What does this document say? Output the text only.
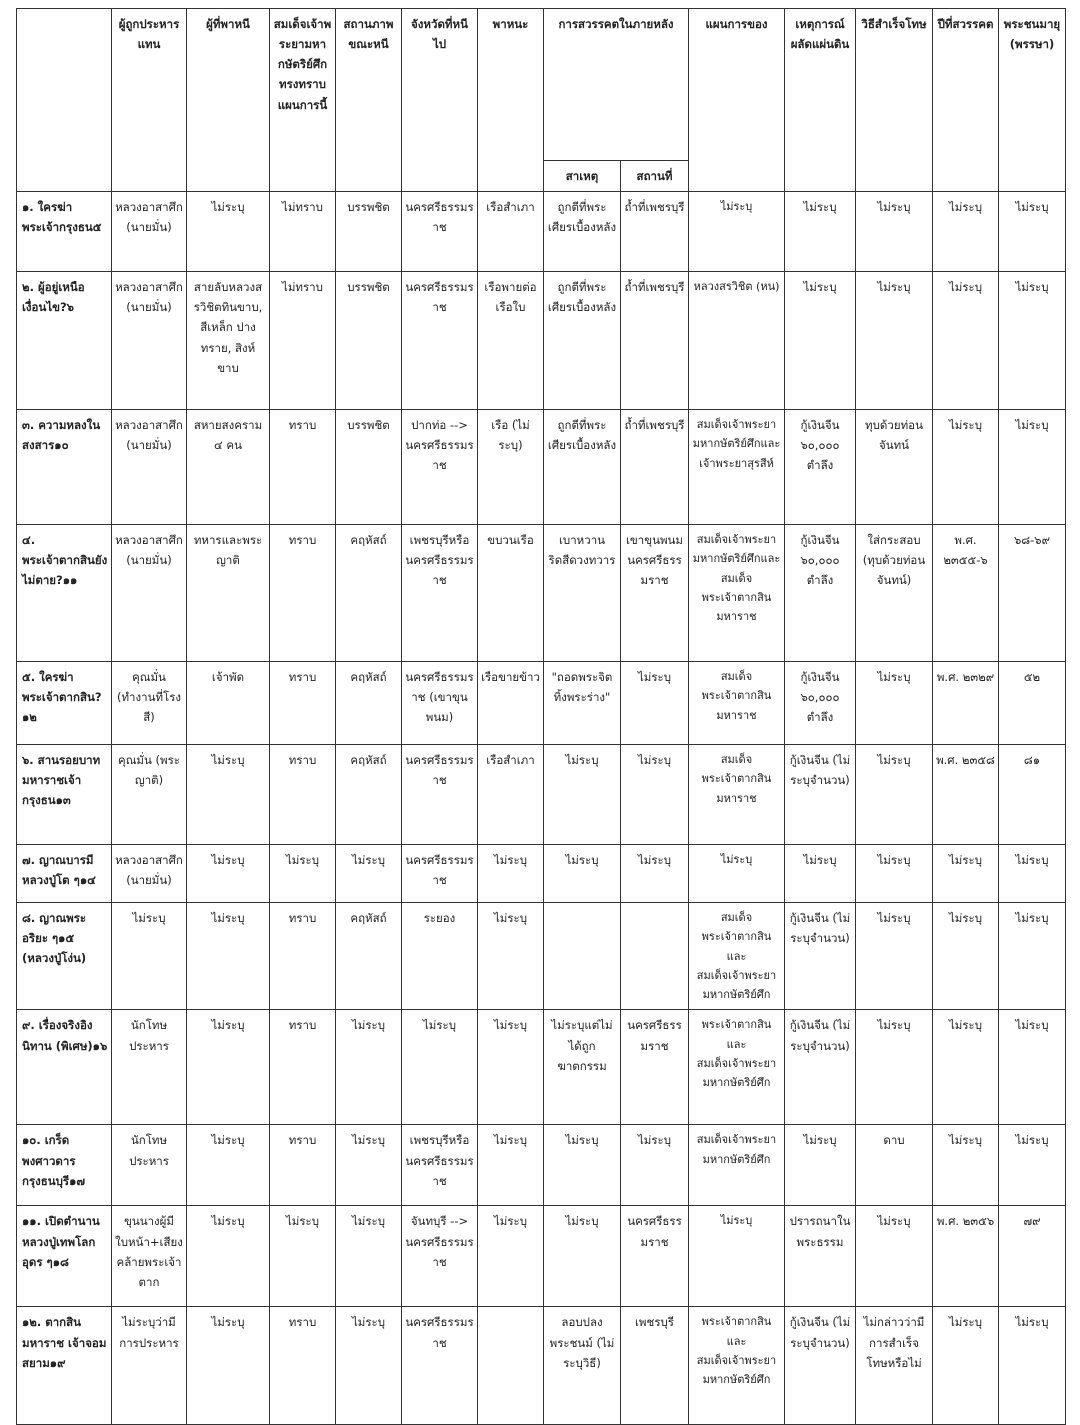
	ผู้ถูกประหารแทน	ผู้ที่พาหนี	สมเด็จเจ้าพระยามหากษัตริย์ศึกทรงทราบแผนการนี้	สถานภาพขณะหนี	จังหวัดที่หนีไป	พาหนะ	การสวรรคตในภายหลัง		แผนการของ	เหตุการณ์ผลัดแผ่นดิน	วิธีสำเร็จโทษ	ปีที่สวรรคต	พระชนมายุ (พรรษา)
							สาเหตุ	สถานที่					
๑. ใครฆ่าพระเจ้ากรุงธน๕	หลวงอาสาศึก (นายมั่น)	ไม่ระบุ	ไม่ทราบ	บรรพชิต	นครศรีธรรมราช	เรือสำเภา	ถูกตีที่พระเศียรเบื้องหลัง	ถ้ำที่เพชรบุรี	ไม่ระบุ	ไม่ระบุ	ไม่ระบุ	ไม่ระบุ	ไม่ระบุ
๒. ผู้อยู่เหนือเงื่อนไข?๖	หลวงอาสาศึก (นายมั่น)	สายลับหลวงสรวิชิตทินขาบ, สีเหล็ก ปางทราย, สิงห์ขาบ	ไม่ทราบ	บรรพชิต	นครศรีธรรมราช	เรือพายต่อเรือใบ	ถูกตีที่พระเศียรเบื้องหลัง	ถ้ำที่เพชรบุรี	หลวงสรวิชิต (หน)	ไม่ระบุ	ไม่ระบุ	ไม่ระบุ	ไม่ระบุ
๓. ความหลงในสงสาร๑๐	หลวงอาสาศึก (นายมั่น)	สหายสงคราม ๔ คน	ทราบ	บรรพชิต	ปากท่อ --> นครศรีธรรมราช	เรือ (ไม่ระบุ)	ถูกตีที่พระเศียรเบื้องหลัง	ถ้ำที่เพชรบุรี	สมเด็จเจ้าพระยามหากษัตริย์ศึกและเจ้าพระยาสุรสีห์	กู้เงินจีน ๖๐,๐๐๐ ตำลึง	ทุบด้วยท่อนจันทน์	ไม่ระบุ	ไม่ระบุ
๔. พระเจ้าตากสินยังไม่ตาย?๑๑	หลวงอาสาศึก (นายมั่น)	ทหารและพระญาติ	ทราบ	คฤหัสถ์	เพชรบุรีหรือนครศรีธรรมราช	ขบวนเรือ	เบาหวานริดสีดวงทวาร	เขาขุนพนม นครศรีธรรมราช	สมเด็จเจ้าพระยามหากษัตริย์ศึกและสมเด็จพระเจ้าตากสินมหาราช	กู้เงินจีน ๖๐,๐๐๐ ตำลึง	ใส่กระสอบ (ทุบด้วยท่อนจันทน์)	พ.ศ. ๒๓๕๕-๖	๖๘-๖๙
๕. ใครฆ่าพระเจ้าตากสิน?๑๒	คุณมั่น (ทำงานที่โรงสี)	เจ้าพัด	ทราบ	คฤหัสถ์	นครศรีธรรมราช (เขาขุนพนม)	เรือขายข้าว	"ถอดพระจิตทิ้งพระร่าง"	ไม่ระบุ	สมเด็จพระเจ้าตากสินมหาราช	กู้เงินจีน ๖๐,๐๐๐ ตำลึง	ไม่ระบุ	พ.ศ. ๒๓๒๙	๕๒
๖. สานรอยบาทมหาราชเจ้ากรุงธน๑๓	คุณมั่น (พระญาติ)	ไม่ระบุ	ทราบ	คฤหัสถ์	นครศรีธรรมราช	เรือสำเภา	ไม่ระบุ	ไม่ระบุ	สมเด็จพระเจ้าตากสินมหาราช	กู้เงินจีน (ไม่ระบุจำนวน)	ไม่ระบุ	พ.ศ. ๒๓๕๘	๘๑
๗. ญาณบารมีหลวงปู่โต ๆ๑๔	หลวงอาสาศึก (นายมั่น)	ไม่ระบุ	ไม่ระบุ	ไม่ระบุ	นครศรีธรรมราช	ไม่ระบุ	ไม่ระบุ	ไม่ระบุ	ไม่ระบุ	ไม่ระบุ	ไม่ระบุ	ไม่ระบุ	ไม่ระบุ
๘. ญาณพระอริยะ ๆ๑๕ (หลวงปู่โง่น)	ไม่ระบุ	ไม่ระบุ	ทราบ	คฤหัสถ์	ระยอง	ไม่ระบุ			สมเด็จพระเจ้าตากสินและสมเด็จเจ้าพระยามหากษัตริย์ศึก	กู้เงินจีน (ไม่ระบุจำนวน)	ไม่ระบุ	ไม่ระบุ	ไม่ระบุ
๙. เรื่องจริงอิงนิทาน (พิเศษ)๑๖	นักโทษประหาร	ไม่ระบุ	ทราบ	ไม่ระบุ	ไม่ระบุ	ไม่ระบุ	ไม่ระบุแต่ไม่ได้ถูกฆาตกรรม	นครศรีธรรมราช	พระเจ้าตากสินและสมเด็จเจ้าพระยามหากษัตริย์ศึก	กู้เงินจีน (ไม่ระบุจำนวน)	ไม่ระบุ	ไม่ระบุ	ไม่ระบุ
๑๐. เกร็ดพงศาวดารกรุงธนบุรี๑๗	นักโทษประหาร	ไม่ระบุ	ทราบ	ไม่ระบุ	เพชรบุรีหรือนครศรีธรรมราช	ไม่ระบุ	ไม่ระบุ	ไม่ระบุ	สมเด็จเจ้าพระยามหากษัตริย์ศึก	ไม่ระบุ	ดาบ	ไม่ระบุ	ไม่ระบุ
๑๑. เปิดตำนานหลวงปู่เทพโลกอุดร ๆ๑๘	ขุนนางผู้มีใบหน้า+เสียงคล้ายพระเจ้าตาก	ไม่ระบุ	ไม่ระบุ	ไม่ระบุ	จันทบุรี --> นครศรีธรรมราช	ไม่ระบุ	ไม่ระบุ	นครศรีธรรมราช	ไม่ระบุ	ปรารถนาในพระธรรม	ไม่ระบุ	พ.ศ. ๒๓๕๖	๗๙
๑๒. ตากสินมหาราช เจ้าจอมสยาม๑๙	ไม่ระบุว่ามีการประหาร	ไม่ระบุ	ทราบ	ไม่ระบุ	นครศรีธรรมราช		ลอบปลงพระชนม์ (ไม่ระบุวิธี)	เพชรบุรี	พระเจ้าตากสินและสมเด็จเจ้าพระยามหากษัตริย์ศึก	กู้เงินจีน (ไม่ระบุจำนวน)	ไม่กล่าวว่ามีการสำเร็จโทษหรือไม่	ไม่ระบุ	ไม่ระบุ
